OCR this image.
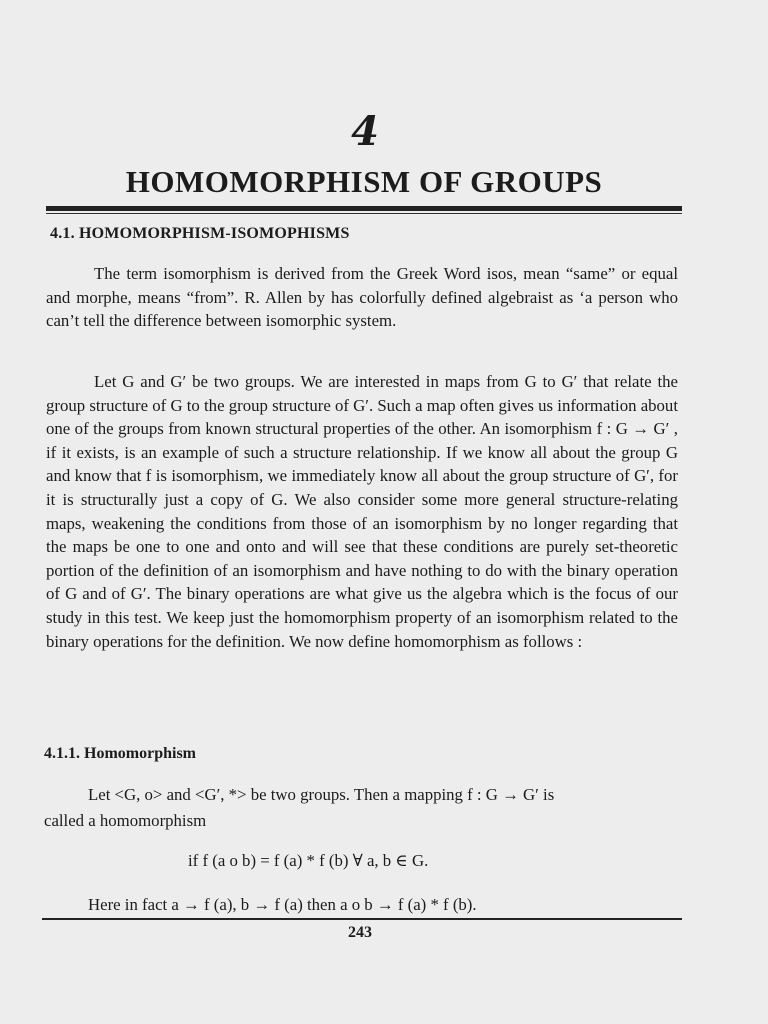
4
HOMOMORPHISM OF GROUPS
4.1. HOMOMORPHISM-ISOMOPHISMS

The term isomorphism is derived from the Greek Word isos, mean “same” or equal and morphe, means “from”. R. Allen by has colorfully defined algebraist as ‘a person who can’t tell the difference between isomorphic system.

Let G and G′ be two groups. We are interested in maps from G to G′ that relate the group structure of G to the group structure of G′. Such a map often gives us information about one of the groups from known structural properties of the other. An isomorphism f : G → G′ , if it exists, is an example of such a structure relationship. If we know all about the group G and know that f is isomorphism, we immediately know all about the group structure of G′, for it is structurally just a copy of G. We also consider some more general structure-relating maps, weakening the conditions from those of an isomorphism by no longer regarding that the maps be one to one and onto and will see that these conditions are purely set-theoretic portion of the definition of an isomorphism and have nothing to do with the binary operation of G and of G′. The binary operations are what give us the algebra which is the focus of our study in this test. We keep just the homomorphism property of an isomorphism related to the binary operations for the definition. We now define homomorphism as follows :

4.1.1. Homomorphism
Let <G, o> and <G′, *> be two groups. Then a mapping f : G → G′ is
called a homomorphism
if f (a o b) = f (a) * f (b) ∀ a, b ∈ G.
Here in fact a → f (a), b → f (a) then a o b → f (a) * f (b).
243
